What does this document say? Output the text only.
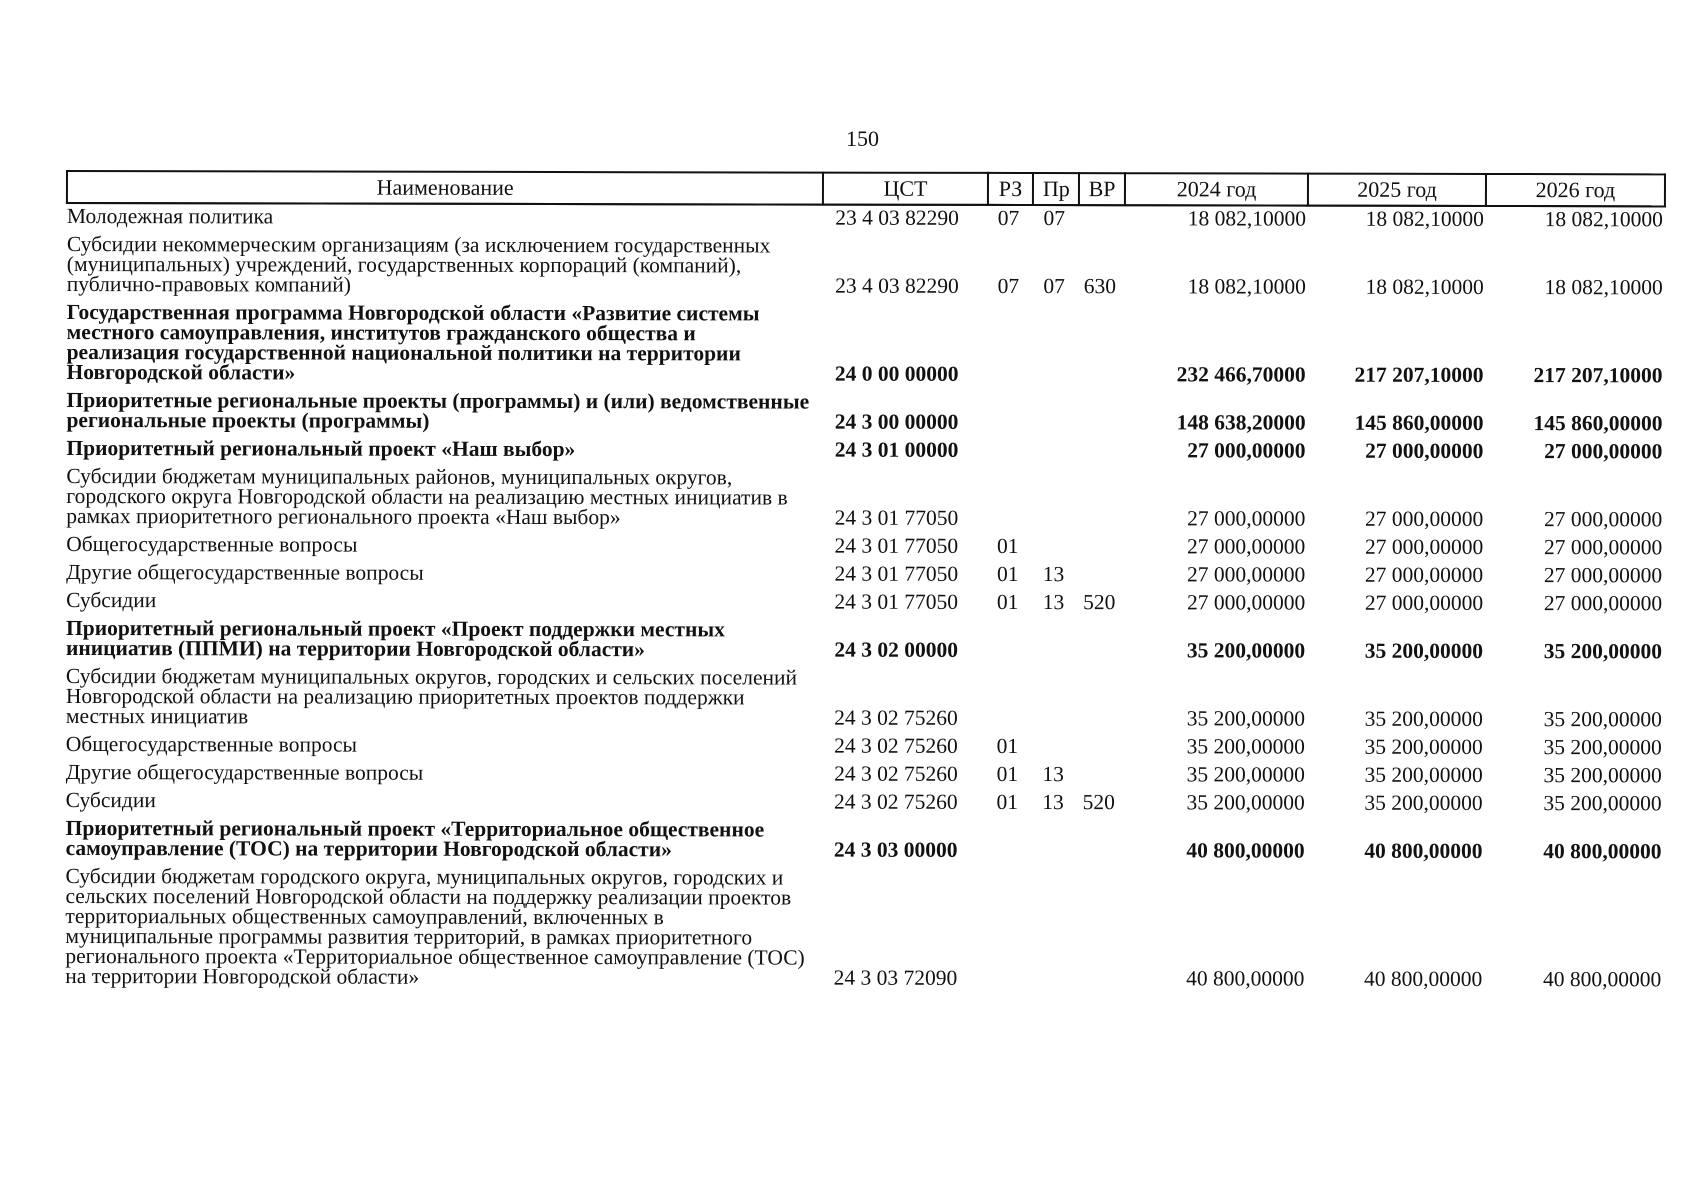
150
Наименование	ЦСТ	РЗ	Пр	ВР	2024 год	2025 год	2026 год
Молодежная политика	23 4 03 82290	07	07		18 082,10000	18 082,10000	18 082,10000
Субсидии некоммерческим организациям (за исключением государственных (муниципальных) учреждений, государственных корпораций (компаний), публично-правовых компаний)	23 4 03 82290	07	07	630	18 082,10000	18 082,10000	18 082,10000
Государственная программа Новгородской области «Развитие системы местного самоуправления, институтов гражданского общества и реализация государственной национальной политики на территории Новгородской области»	24 0 00 00000				232 466,70000	217 207,10000	217 207,10000
Приоритетные региональные проекты (программы) и (или) ведомственные региональные проекты (программы)	24 3 00 00000				148 638,20000	145 860,00000	145 860,00000
Приоритетный региональный проект «Наш выбор»	24 3 01 00000				27 000,00000	27 000,00000	27 000,00000
Субсидии бюджетам муниципальных районов, муниципальных округов, городского округа Новгородской области на реализацию местных инициатив в рамках приоритетного регионального проекта «Наш выбор»	24 3 01 77050				27 000,00000	27 000,00000	27 000,00000
Общегосударственные вопросы	24 3 01 77050	01			27 000,00000	27 000,00000	27 000,00000
Другие общегосударственные вопросы	24 3 01 77050	01	13		27 000,00000	27 000,00000	27 000,00000
Субсидии	24 3 01 77050	01	13	520	27 000,00000	27 000,00000	27 000,00000
Приоритетный региональный проект «Проект поддержки местных инициатив (ППМИ) на территории Новгородской области»	24 3 02 00000				35 200,00000	35 200,00000	35 200,00000
Субсидии бюджетам муниципальных округов, городских и сельских поселений Новгородской области на реализацию приоритетных проектов поддержки местных инициатив	24 3 02 75260				35 200,00000	35 200,00000	35 200,00000
Общегосударственные вопросы	24 3 02 75260	01			35 200,00000	35 200,00000	35 200,00000
Другие общегосударственные вопросы	24 3 02 75260	01	13		35 200,00000	35 200,00000	35 200,00000
Субсидии	24 3 02 75260	01	13	520	35 200,00000	35 200,00000	35 200,00000
Приоритетный региональный проект «Территориальное общественное самоуправление (ТОС) на территории Новгородской области»	24 3 03 00000				40 800,00000	40 800,00000	40 800,00000
Субсидии бюджетам городского округа, муниципальных округов, городских и сельских поселений Новгородской области на поддержку реализации проектов территориальных общественных самоуправлений, включенных в муниципальные программы развития территорий, в рамках приоритетного регионального проекта «Территориальное общественное самоуправление (ТОС) на территории Новгородской области»	24 3 03 72090				40 800,00000	40 800,00000	40 800,00000
